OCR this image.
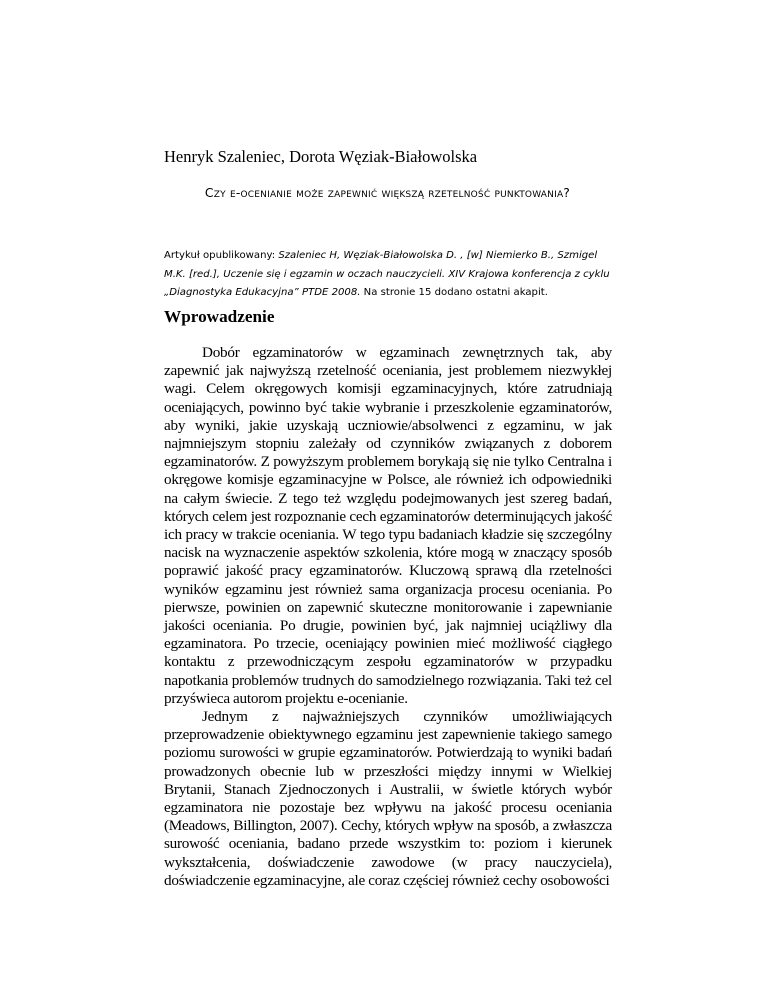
Henryk Szaleniec, Dorota Węziak-Białowolska
Czy e-ocenianie może zapewnić większą rzetelność punktowania?
Artykuł opublikowany: Szaleniec H, Węziak-Białowolska D. , [w] Niemierko B., Szmigel M.K. [red.], Uczenie się i egzamin w oczach nauczycieli. XIV Krajowa konferencja z cyklu „Diagnostyka Edukacyjna” PTDE 2008. Na stronie 15 dodano ostatni akapit.
Wprowadzenie

Dobór egzaminatorów w egzaminach zewnętrznych tak, aby zapewnić jak najwyższą rzetelność oceniania, jest problemem niezwykłej wagi. Celem okręgowych komisji egzaminacyjnych, które zatrudniają oceniających, powinno być takie wybranie i przeszkolenie egzaminatorów, aby wyniki, jakie uzyskają uczniowie/absolwenci z egzaminu, w jak najmniejszym stopniu zależały od czynników związanych z doborem egzaminatorów. Z powyższym problemem borykają się nie tylko Centralna i okręgowe komisje egzaminacyjne w Polsce, ale również ich odpowiedniki na całym świecie. Z tego też względu podejmowanych jest szereg badań, których celem jest rozpoznanie cech egzaminatorów determinujących jakość ich pracy w trakcie oceniania. W tego typu badaniach kładzie się szczególny nacisk na wyznaczenie aspektów szkolenia, które mogą w znaczący sposób poprawić jakość pracy egzaminatorów. Kluczową sprawą dla rzetelności wyników egzaminu jest również sama organizacja procesu oceniania. Po pierwsze, powinien on zapewnić skuteczne monitorowanie i zapewnianie jakości oceniania. Po drugie, powinien być, jak najmniej uciążliwy dla egzaminatora. Po trzecie, oceniający powinien mieć możliwość ciągłego kontaktu z przewodniczącym zespołu egzaminatorów w przypadku napotkania problemów trudnych do samodzielnego rozwiązania. Taki też cel przyświeca autorom projektu e-ocenianie.

Jednym z najważniejszych czynników umożliwiających przeprowadzenie obiektywnego egzaminu jest zapewnienie takiego samego poziomu surowości w grupie egzaminatorów. Potwierdzają to wyniki badań prowadzonych obecnie lub w przeszłości między innymi w Wielkiej Brytanii, Stanach Zjednoczonych i Australii, w świetle których wybór egzaminatora nie pozostaje bez wpływu na jakość procesu oceniania (Meadows, Billington, 2007). Cechy, których wpływ na sposób, a zwłaszcza surowość oceniania, badano przede wszystkim to: poziom i kierunek wykształcenia, doświadczenie zawodowe (w pracy nauczyciela), doświadczenie egzaminacyjne, ale coraz częściej również cechy osobowości
